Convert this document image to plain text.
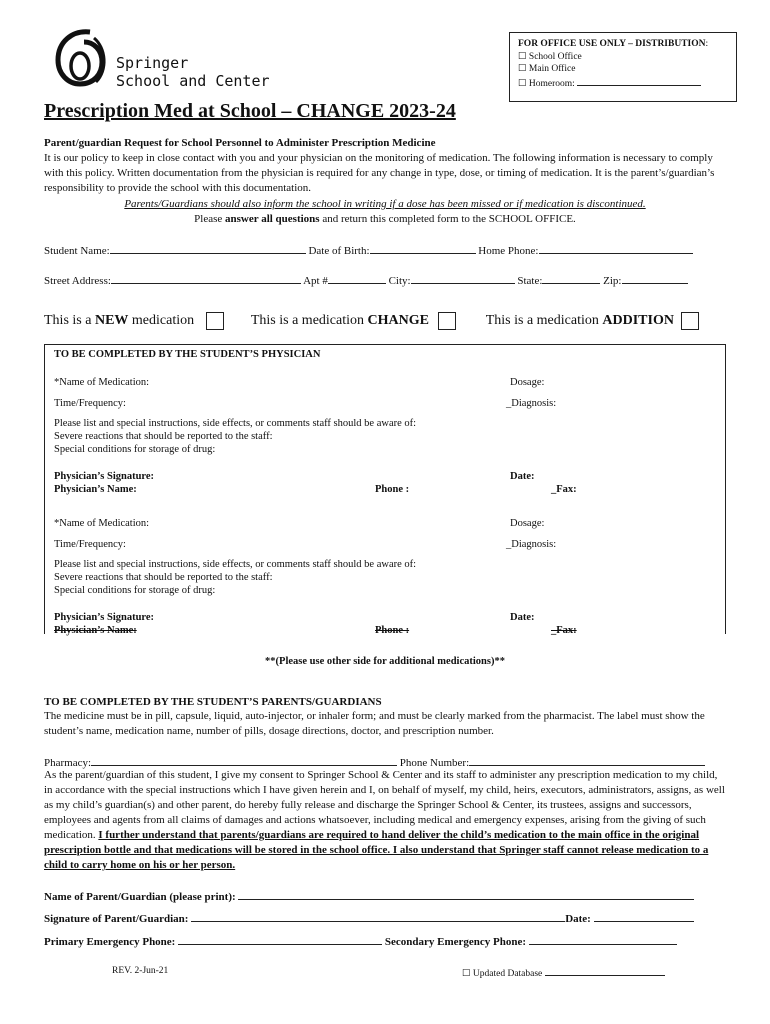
Springer
School and Center
FOR OFFICE USE ONLY – DISTRIBUTION:
☐ School Office
☐ Main Office
☐ Homeroom:
Prescription Med at School – CHANGE 2023-24
Parent/guardian Request for School Personnel to Administer Prescription Medicine
It is our policy to keep in close contact with you and your physician on the monitoring of medication. The following information is necessary to comply with this policy. Written documentation from the physician is required for any change in type, dose, or timing of medication. It is the parent’s/guardian’s responsibility to provide the school with this documentation.
Parents/Guardians should also inform the school in writing if a dose has been missed or if medication is discontinued.
Please answer all questions and return this completed form to the SCHOOL OFFICE.
Student Name:	Date of Birth:	Home Phone:
Street Address:	Apt #	City:	State:	Zip:
This is a NEW medication	This is a medication CHANGE	This is a medication ADDITION
TO BE COMPLETED BY THE STUDENT’S PHYSICIAN
*Name of Medication:	Dosage:
Time/Frequency:	_Diagnosis:
Please list and special instructions, side effects, or comments staff should be aware of:
Severe reactions that should be reported to the staff:
Special conditions for storage of drug:
Physician’s Signature:	Date:
Physician’s Name:	Phone :	_Fax:
*Name of Medication:	Dosage:
Time/Frequency:	_Diagnosis:
Please list and special instructions, side effects, or comments staff should be aware of:
Severe reactions that should be reported to the staff:
Special conditions for storage of drug:
Physician’s Signature:	Date:
Physician’s Name:	Phone :	_Fax:
**(Please use other side for additional medications)**
TO BE COMPLETED BY THE STUDENT’S PARENTS/GUARDIANS
The medicine must be in pill, capsule, liquid, auto-injector, or inhaler form; and must be clearly marked from the pharmacist. The label must show the student’s name, medication name, number of pills, dosage directions, doctor, and prescription number.
Pharmacy:	Phone Number:
As the parent/guardian of this student, I give my consent to Springer School & Center and its staff to administer any prescription medication to my child, in accordance with the special instructions which I have given herein and I, on behalf of myself, my child, heirs, executors, administrators, assigns, as well as my child’s guardian(s) and other parent, do hereby fully release and discharge the Springer School & Center, its trustees, assigns and successors, employees and agents from all claims of damages and actions whatsoever, including medical and emergency expenses, arising from the giving of such medication. I further understand that parents/guardians are required to hand deliver the child’s medication to the main office in the original prescription bottle and that medications will be stored in the school office. I also understand that Springer staff cannot release medication to a child to carry home on his or her person.
Name of Parent/Guardian (please print):
Signature of Parent/Guardian:	Date:
Primary Emergency Phone:	Secondary Emergency Phone:
REV. 2-Jun-21	☐ Updated Database
